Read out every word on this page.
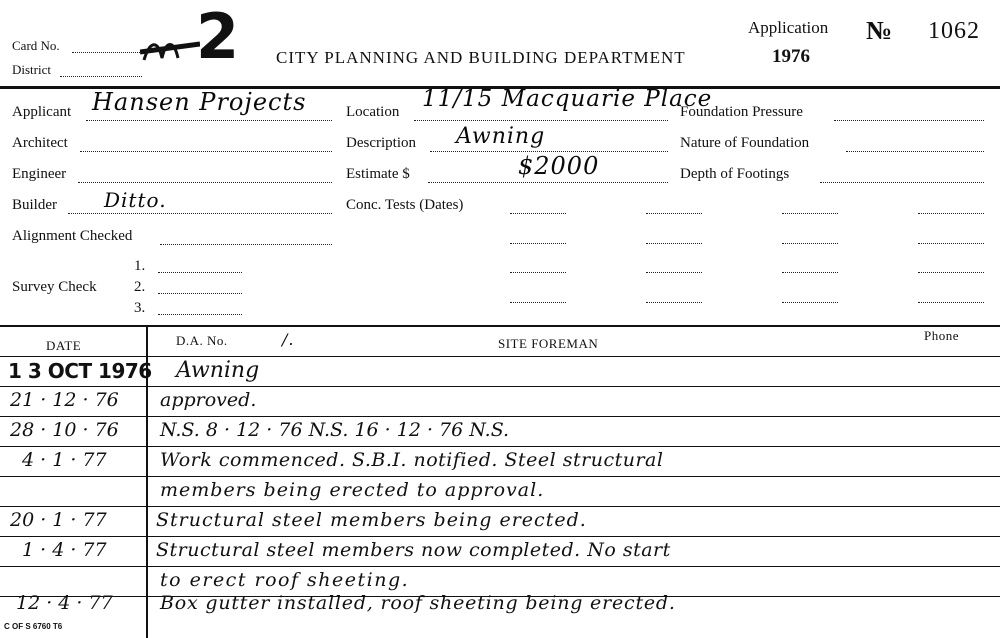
Card No.
District 2 CITY PLANNING AND BUILDING DEPARTMENT
Application
1976
№ 1062
Applicant Hansen Projects
Architect
Engineer
Builder Ditto.
Alignment Checked
Survey Check
1.
2.
3.
Location 11/15 Macquarie Place
Description Awning
Estimate $	$2000
Conc. Tests (Dates)
Foundation Pressure
Nature of Foundation
Depth of Footings
DATE	D.A. No.	/.	SITE FOREMAN
Phone
1 3 OCT 1976 Awning
21 · 12 · 76 approved.
28 · 10 · 76 N.S. 8 · 12 · 76 N.S. 16 · 12 · 76 N.S.
4 · 1 · 77	Work commenced. S.B.I. notified. Steel structural
members being erected to approval.
20 · 1 · 77	Structural steel members being erected.
1 · 4 · 77	Structural steel members now completed. No start
to erect roof sheeting.
12 · 4 · 77 Box gutter installed, roof sheeting being erected.
C OF S 6760 T6
